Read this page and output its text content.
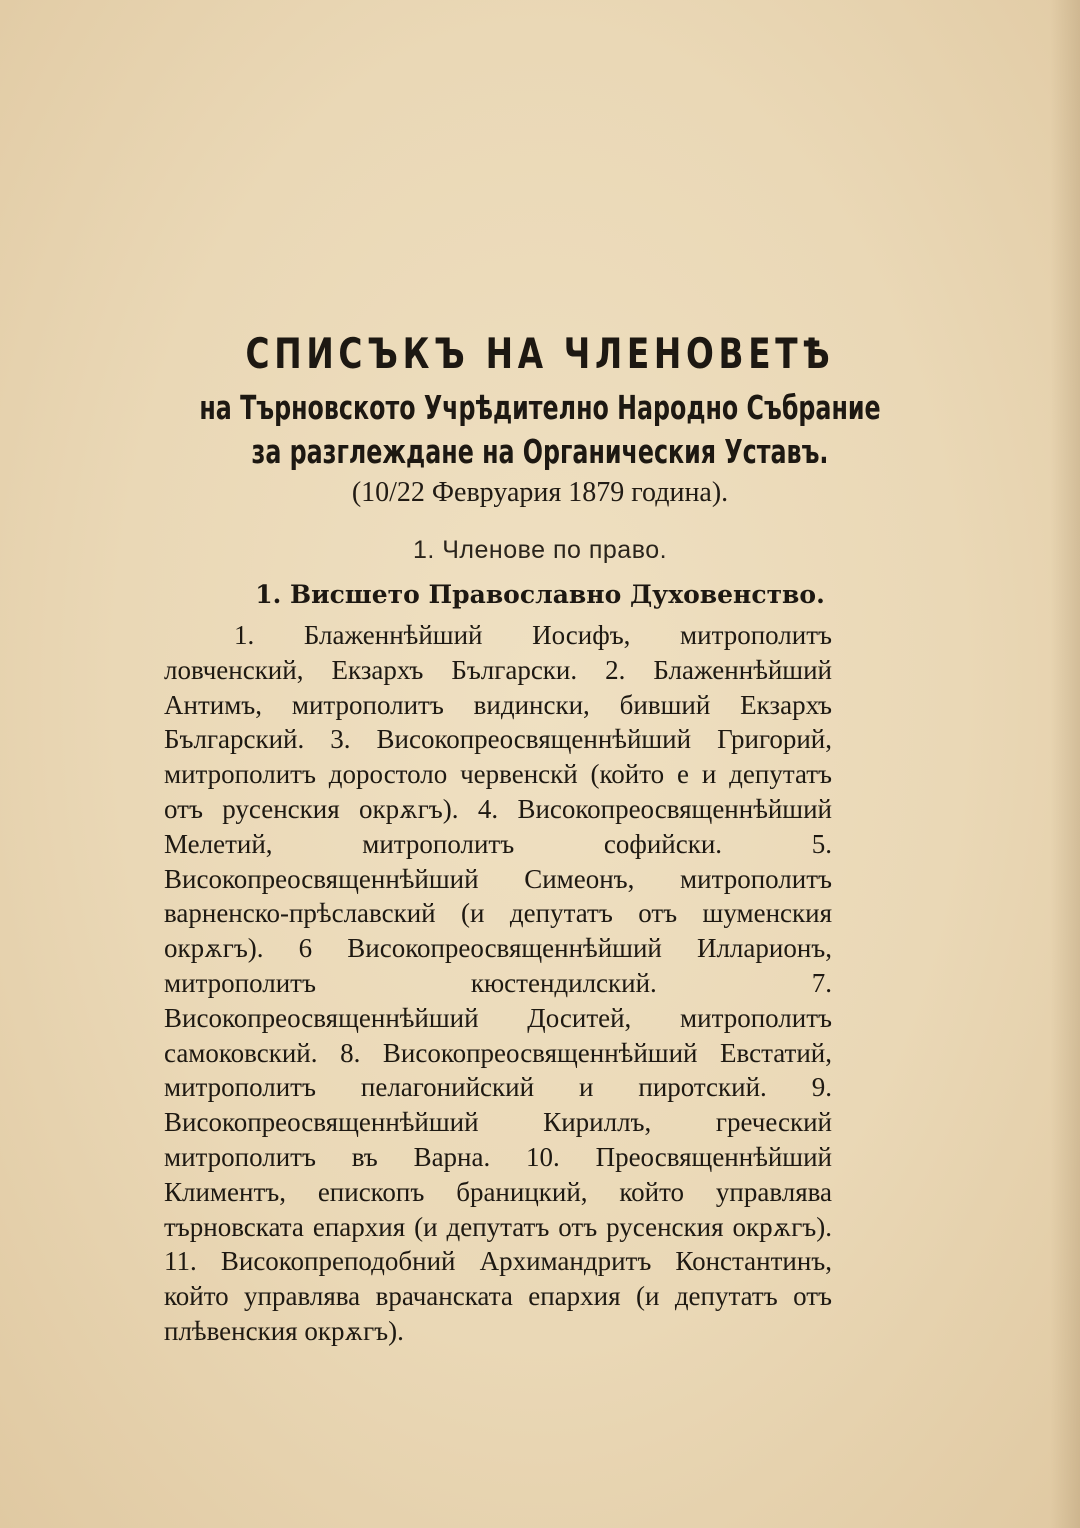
СПИСЪКЪ НА ЧЛЕНОВЕТѢ
на Търновското Учрѣдително Народно Събрание
за разглеждане на Органическия Уставъ.
(10/22 Февруария 1879 година).
1. Членове по право.
1. Висшето Православно Духовенство.

1. Блаженнѣйший Иосифъ, митрополитъ ловченский, Екзархъ Български. 2. Блаженнѣйший Антимъ, митрополитъ видински, бивший Екзархъ Българский. 3. Високопреосвященнѣйший Григорий, митрополитъ доростоло червенскй (който е и депутатъ отъ русенския окрѫгъ). 4. Високопреосвященнѣйший Мелетий, митрополитъ софийски. 5. Високопреосвященнѣйший Симеонъ, митрополитъ варненско-прѣславский (и депутатъ отъ шуменския окрѫгъ). 6 Високопреосвященнѣйший Илларионъ, митрополитъ кюстендилский. 7. Високопреосвященнѣйший Доситей, митрополитъ самоковский. 8. Високопреосвященнѣйший Евстатий, митрополитъ пелагонийский и пиротский. 9. Високопреосвященнѣйший Кириллъ, греческий митрополитъ въ Варна. 10. Преосвященнѣйший Климентъ, епископъ браницкий, който управлява търновската епархия (и депутатъ отъ русенския окрѫгъ). 11. Високопреподобний Архимандритъ Константинъ, който управлява врачанската епархия (и депутатъ отъ плѣвенския окрѫгъ).
